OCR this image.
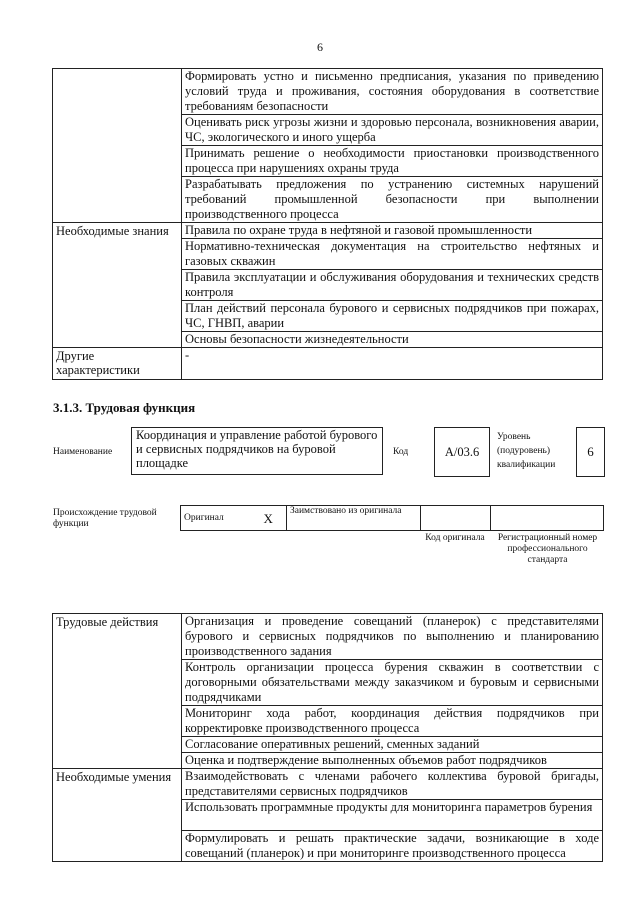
6
	Формировать устно и письменно предписания, указания по приведению условий труда и проживания, состояния оборудования в соответствие требованиям безопасности
	Оценивать риск угрозы жизни и здоровью персонала, возникновения аварии, ЧС, экологического и иного ущерба
	Принимать решение о необходимости приостановки производственного процесса при нарушениях охраны труда
	Разрабатывать предложения по устранению системных нарушений требований промышленной безопасности при выполнении производственного процесса
Необходимые знания	Правила по охране труда в нефтяной и газовой промышленности
	Нормативно-техническая документация на строительство нефтяных и газовых скважин
	Правила эксплуатации и обслуживания оборудования и технических средств контроля
	План действий персонала бурового и сервисных подрядчиков при пожарах, ЧС, ГНВП, аварии
	Основы безопасности жизнедеятельности
Другие характеристики	-
3.1.3. Трудовая функция
Наименование
Координация и управление работой бурового и сервисных подрядчиков на буровой площадке
Код	А/03.6
Уровень (подуровень) квалификации
6
Происхождение трудовой функции
Оригинал	X	Заимствовано из оригинала		
Код оригинала	Регистрационный номер профессионального стандарта
Трудовые действия	Организация и проведение совещаний (планерок) с представителями бурового и сервисных подрядчиков по выполнению и планированию производственного задания
	Контроль организации процесса бурения скважин в соответствии с договорными обязательствами между заказчиком и буровым и сервисными подрядчиками
	Мониторинг хода работ, координация действия подрядчиков при корректировке производственного процесса
	Согласование оперативных решений, сменных заданий
	Оценка и подтверждение выполненных объемов работ подрядчиков
Необходимые умения	Взаимодействовать с членами рабочего коллектива буровой бригады, представителями сервисных подрядчиков
	Использовать программные продукты для мониторинга параметров бурения
	Формулировать и решать практические задачи, возникающие в ходе совещаний (планерок) и при мониторинге производственного процесса
